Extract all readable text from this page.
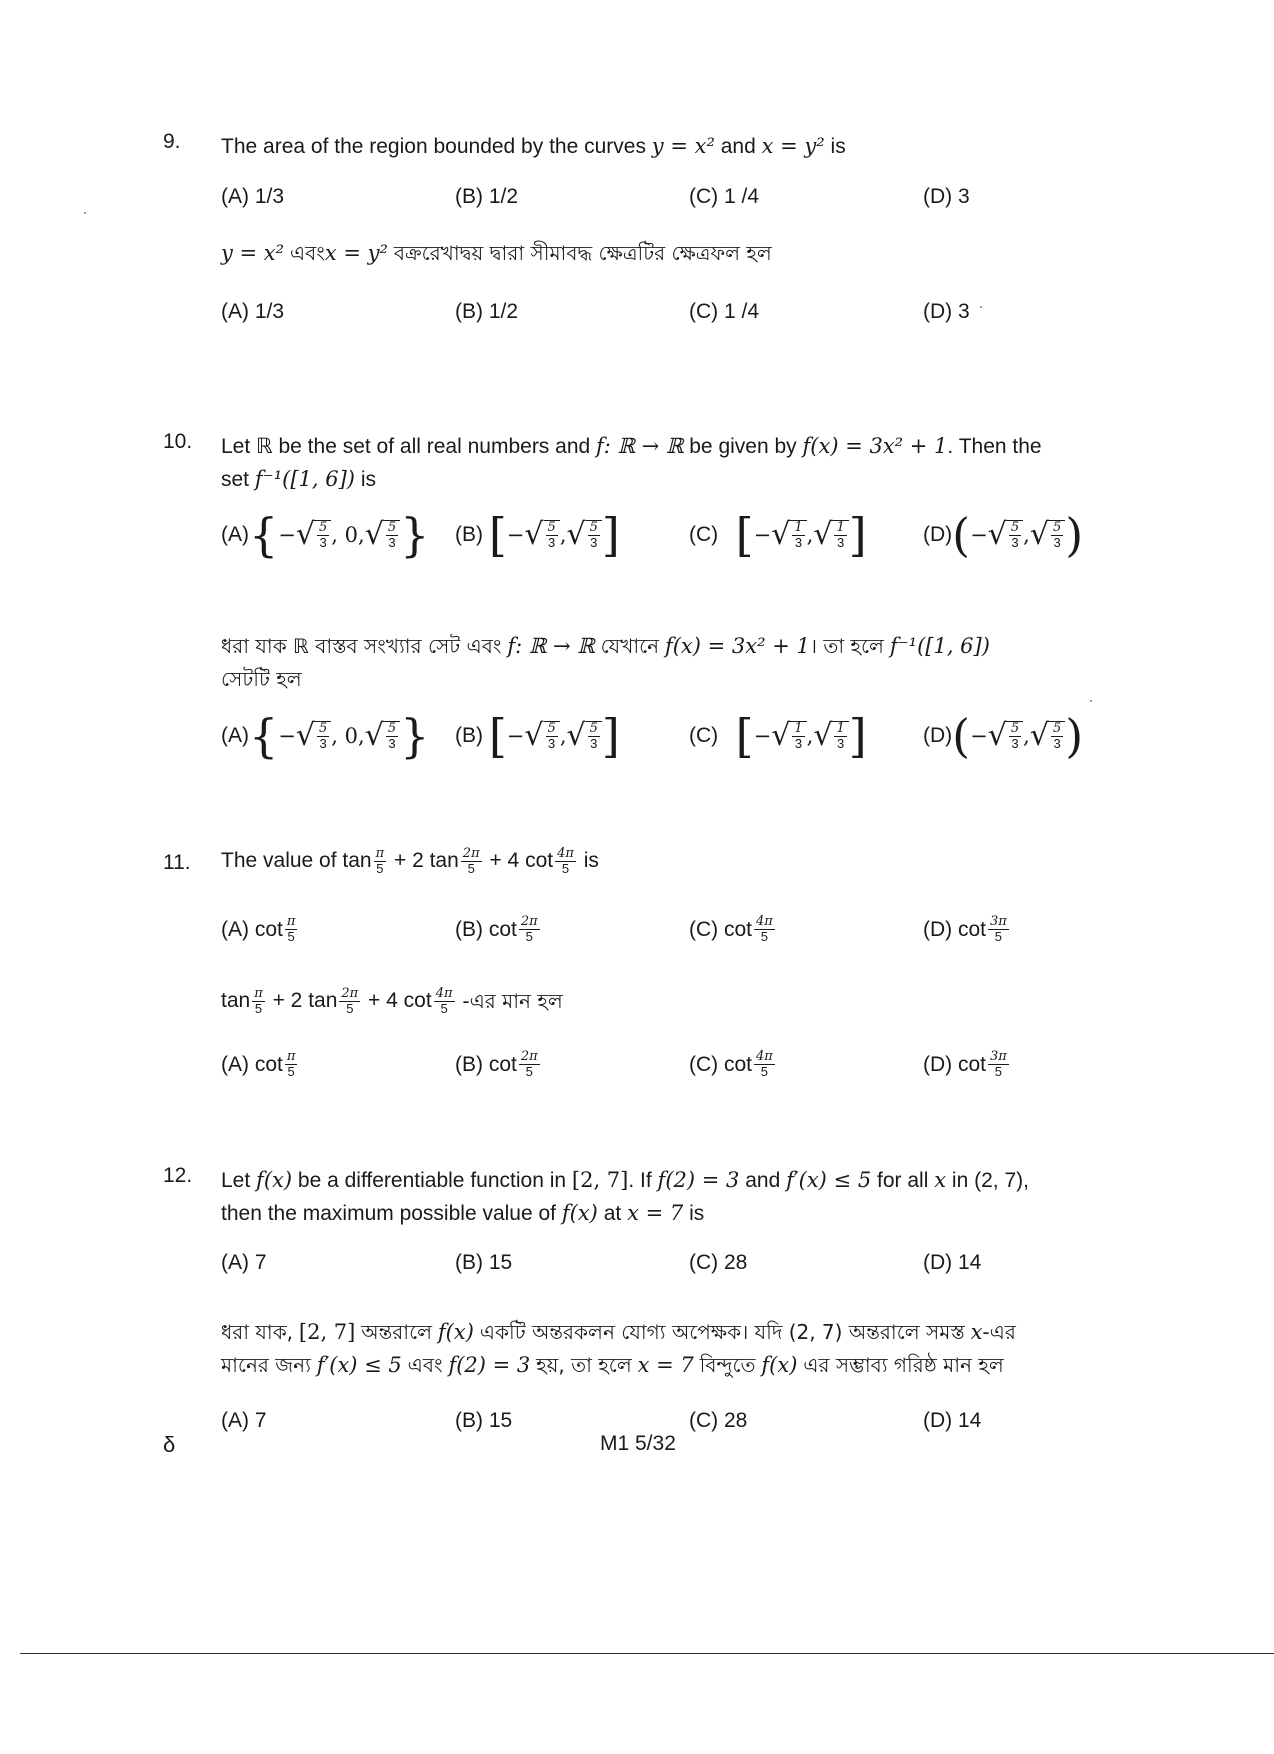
9. The area of the region bounded by the curves y = x² and x = y² is
(A) 1/3	(B) 1/2	(C) 1 /4	(D) 3
y = x² এবংx = y² বক্ররেখাদ্বয় দ্বারা সীমাবদ্ধ ক্ষেত্রটির ক্ষেত্রফল হল
(A) 1/3	(B) 1/2	(C) 1 /4	(D) 3
10. Let ℝ be the set of all real numbers and f: ℝ → ℝ be given by f(x) = 3x² + 1. Then the
set f⁻¹([1, 6]) is
(A) { − √ $\frac{5}{3}$ , 0, √ $\frac{5}{3}$ } (B)
[ − √ $\frac{5}{3}$ , √ $\frac{5}{3}$ ]	(C)
[ − √ $\frac{1}{3}$ , √ $\frac{1}{3}$ ]	(D) ( − √ $\frac{5}{3}$ , √ $\frac{5}{3}$ )
ধরা যাক ℝ বাস্তব সংখ্যার সেট এবং f: ℝ → ℝ যেখানে f(x) = 3x² + 1। তা হলে f⁻¹([1, 6])
সেটটি হল
(A) { − √ $\frac{5}{3}$ , 0, √ $\frac{5}{3}$ } (B)
[ − √ $\frac{5}{3}$ , √ $\frac{5}{3}$ ]	(C)
[ − √ $\frac{1}{3}$ , √ $\frac{1}{3}$ ]	(D) ( − √ $\frac{5}{3}$ , √ $\frac{5}{3}$ )
11. The value of $\tan \frac{\pi}{5} + 2$ $\tan \frac{2\pi}{5} + 4$ $\cot \frac{4\pi}{5}$ is
(A) $\cot \frac{\pi}{5}$	(B) $\cot \frac{2\pi}{5}$	(C) $\cot \frac{4\pi}{5}$	(D) $\cot \frac{3\pi}{5}$
$\tan \frac{\pi}{5} + 2$ $\tan \frac{2\pi}{5} + 4$ $\cot \frac{4\pi}{5}$
-এর মান হল
(A) $\cot \frac{\pi}{5}$	(B) $\cot \frac{2\pi}{5}$	(C) $\cot \frac{4\pi}{5}$	(D) $\cot \frac{3\pi}{5}$
12. Let f(x) be a differentiable function in [2, 7]. If f(2) = 3 and f′(x) ≤ 5 for all x in (2, 7),
then the maximum possible value of f(x) at x = 7 is
(A) 7	(B) 15	(C) 28	(D) 14
ধরা যাক, [2, 7] অন্তরালে f(x) একটি অন্তরকলন যোগ্য অপেক্ষক। যদি (2, 7) অন্তরালে সমস্ত x-এর
মানের জন্য f′(x) ≤ 5 এবং f(2) = 3 হয়, তা হলে x = 7 বিন্দুতে f(x) এর সম্ভাব্য গরিষ্ঠ মান হল
(A) 7	(B) 15	(C) 28	(D) 14
δ	M1 5/32
